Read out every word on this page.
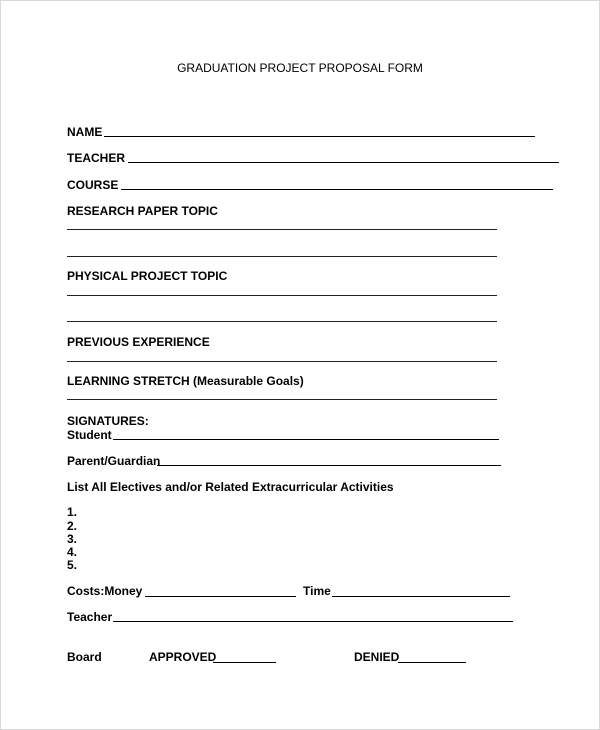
GRADUATION PROJECT PROPOSAL FORM
NAME
TEACHER
COURSE
RESEARCH PAPER TOPIC
PHYSICAL PROJECT TOPIC
PREVIOUS EXPERIENCE
LEARNING STRETCH (Measurable Goals)
SIGNATURES:
Student
Parent/Guardian
List All Electives and/or Related Extracurricular Activities
1.
2.
3.
4.
5.
Costs:Money	Time
Teacher
Board	APPROVED	DENIED
